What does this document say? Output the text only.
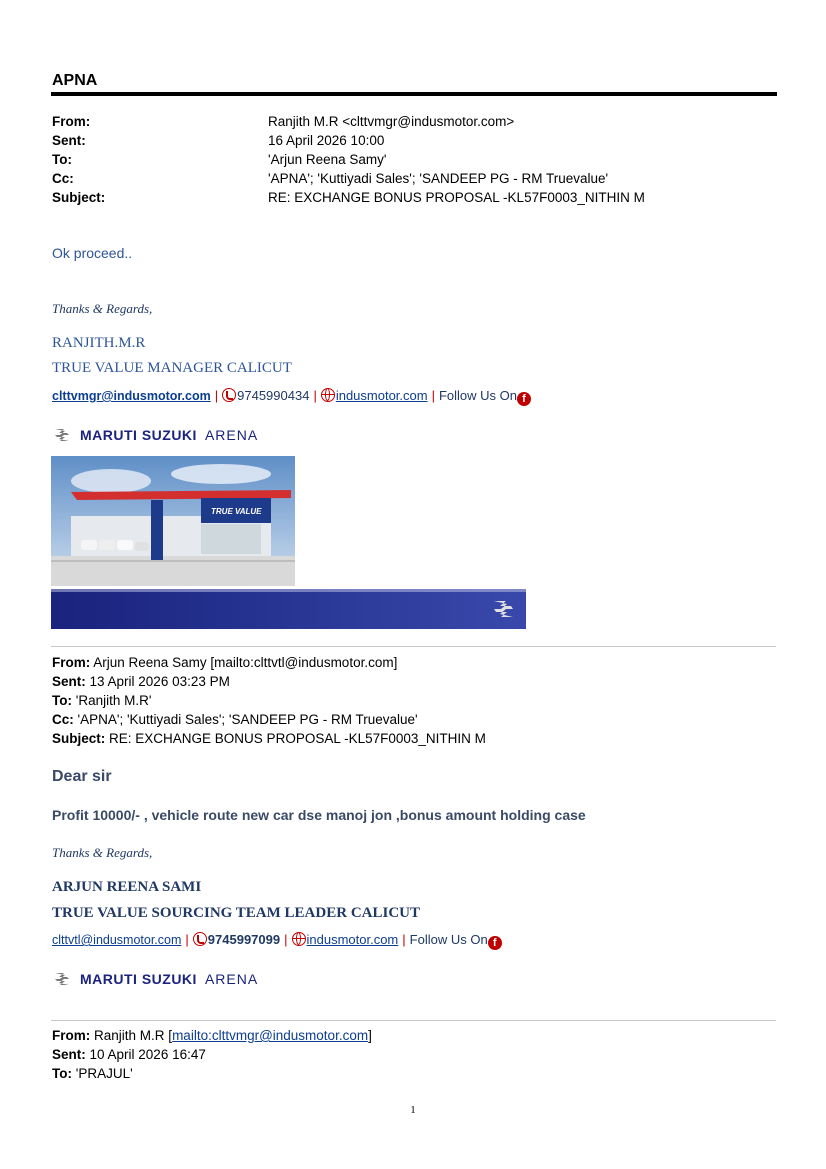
APNA
From:	Ranjith M.R <clttvmgr@indusmotor.com>
Sent:	16 April 2026 10:00
To:	'Arjun Reena Samy'
Cc:	'APNA'; 'Kuttiyadi Sales'; 'SANDEEP PG - RM Truevalue'
Subject:	RE: EXCHANGE BONUS PROPOSAL -KL57F0003_NITHIN M
Ok proceed..
Thanks & Regards,
RANJITH.M.R
TRUE VALUE MANAGER CALICUT
clttvmgr@indusmotor.com | 9745990434 | indusmotor.com | Follow Us On f
MARUTI SUZUKI ARENA
TRUE VALUE
From: Arjun Reena Samy [mailto:clttvtl@indusmotor.com]
Sent: 13 April 2026 03:23 PM
To: 'Ranjith M.R'
Cc: 'APNA'; 'Kuttiyadi Sales'; 'SANDEEP PG - RM Truevalue'
Subject: RE: EXCHANGE BONUS PROPOSAL -KL57F0003_NITHIN M
Dear sir
Profit 10000/- , vehicle route new car dse manoj jon ,bonus amount holding case
Thanks & Regards,
ARJUN REENA SAMI
TRUE VALUE SOURCING TEAM LEADER CALICUT
clttvtl@indusmotor.com | 9745997099 | indusmotor.com | Follow Us On f
MARUTI SUZUKI ARENA
From: Ranjith M.R [mailto:clttvmgr@indusmotor.com]
Sent: 10 April 2026 16:47
To: 'PRAJUL'
1
